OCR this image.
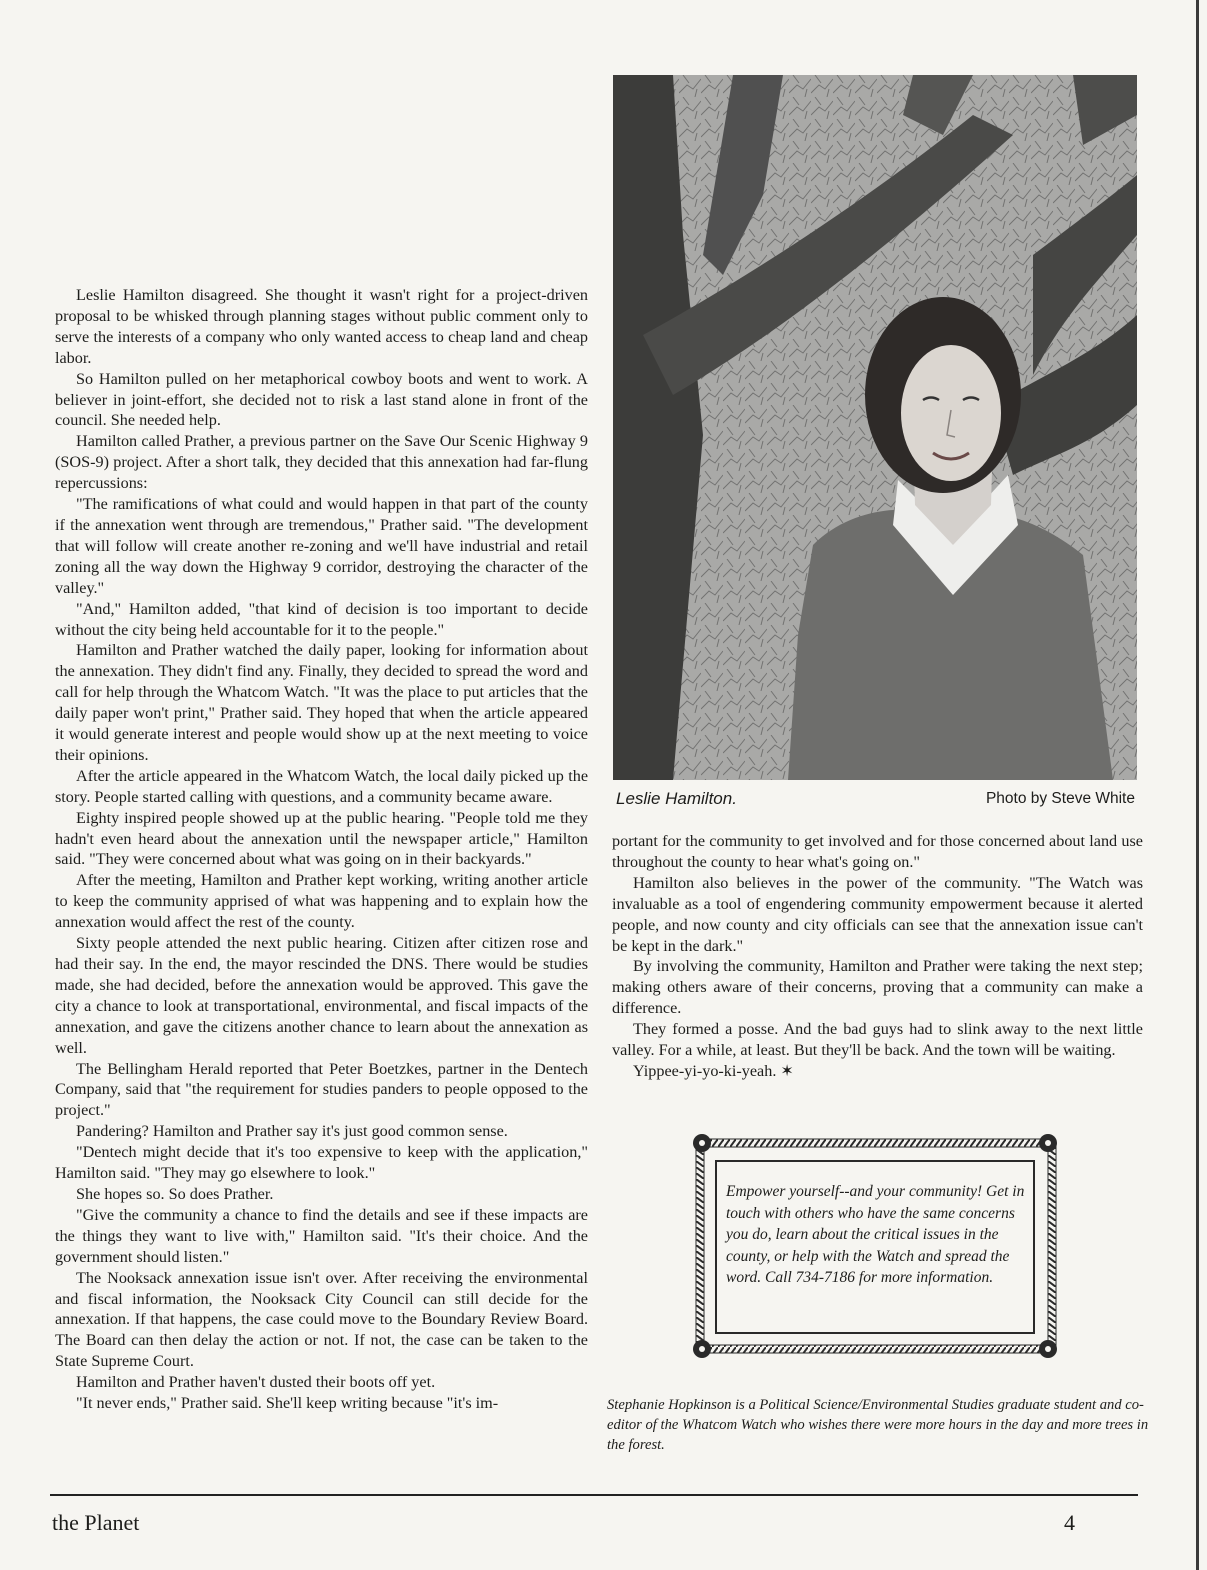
Leslie Hamilton disagreed. She thought it wasn't right for a project-driven proposal to be whisked through planning stages without public comment only to serve the interests of a company who only wanted access to cheap land and cheap labor.

So Hamilton pulled on her metaphorical cowboy boots and went to work. A believer in joint-effort, she decided not to risk a last stand alone in front of the council. She needed help.

Hamilton called Prather, a previous partner on the Save Our Scenic Highway 9 (SOS-9) project. After a short talk, they decided that this annexation had far-flung repercussions:

"The ramifications of what could and would happen in that part of the county if the annexation went through are tremendous," Prather said. "The development that will follow will create another re-zoning and we'll have industrial and retail zoning all the way down the Highway 9 corridor, destroying the character of the valley."

"And," Hamilton added, "that kind of decision is too important to decide without the city being held accountable for it to the people."

Hamilton and Prather watched the daily paper, looking for information about the annexation. They didn't find any. Finally, they decided to spread the word and call for help through the Whatcom Watch. "It was the place to put articles that the daily paper won't print," Prather said. They hoped that when the article appeared it would generate interest and people would show up at the next meeting to voice their opinions.

After the article appeared in the Whatcom Watch, the local daily picked up the story. People started calling with questions, and a community became aware.

Eighty inspired people showed up at the public hearing. "People told me they hadn't even heard about the annexation until the newspaper article," Hamilton said. "They were concerned about what was going on in their backyards."

After the meeting, Hamilton and Prather kept working, writing another article to keep the community apprised of what was happening and to explain how the annexation would affect the rest of the county.

Sixty people attended the next public hearing. Citizen after citizen rose and had their say. In the end, the mayor rescinded the DNS. There would be studies made, she had decided, before the annexation would be approved. This gave the city a chance to look at transportational, environmental, and fiscal impacts of the annexation, and gave the citizens another chance to learn about the annexation as well.

The Bellingham Herald reported that Peter Boetzkes, partner in the Dentech Company, said that "the requirement for studies panders to people opposed to the project."

Pandering? Hamilton and Prather say it's just good common sense.

"Dentech might decide that it's too expensive to keep with the application," Hamilton said. "They may go elsewhere to look."

She hopes so. So does Prather.

"Give the community a chance to find the details and see if these impacts are the things they want to live with," Hamilton said. "It's their choice. And the government should listen."

The Nooksack annexation issue isn't over. After receiving the environmental and fiscal information, the Nooksack City Council can still decide for the annexation. If that happens, the case could move to the Boundary Review Board. The Board can then delay the action or not. If not, the case can be taken to the State Supreme Court.

Hamilton and Prather haven't dusted their boots off yet.

"It never ends," Prather said. She'll keep writing because "it's im-

Leslie Hamilton.	Photo by Steve White

portant for the community to get involved and for those concerned about land use throughout the county to hear what's going on."

Hamilton also believes in the power of the community. "The Watch was invaluable as a tool of engendering community empowerment because it alerted people, and now county and city officials can see that the annexation issue can't be kept in the dark."

By involving the community, Hamilton and Prather were taking the next step; making others aware of their concerns, proving that a community can make a difference.

They formed a posse. And the bad guys had to slink away to the next little valley. For a while, at least. But they'll be back. And the town will be waiting.

Yippee-yi-yo-ki-yeah. ✶

Empower yourself--and your community! Get in touch with others who have the same concerns you do, learn about the critical issues in the county, or help with the Watch and spread the word. Call 734-7186 for more information.
Stephanie Hopkinson is a Political Science/Environmental Studies graduate student and co-editor of the Whatcom Watch who wishes there were more hours in the day and more trees in the forest.
the Planet	4
